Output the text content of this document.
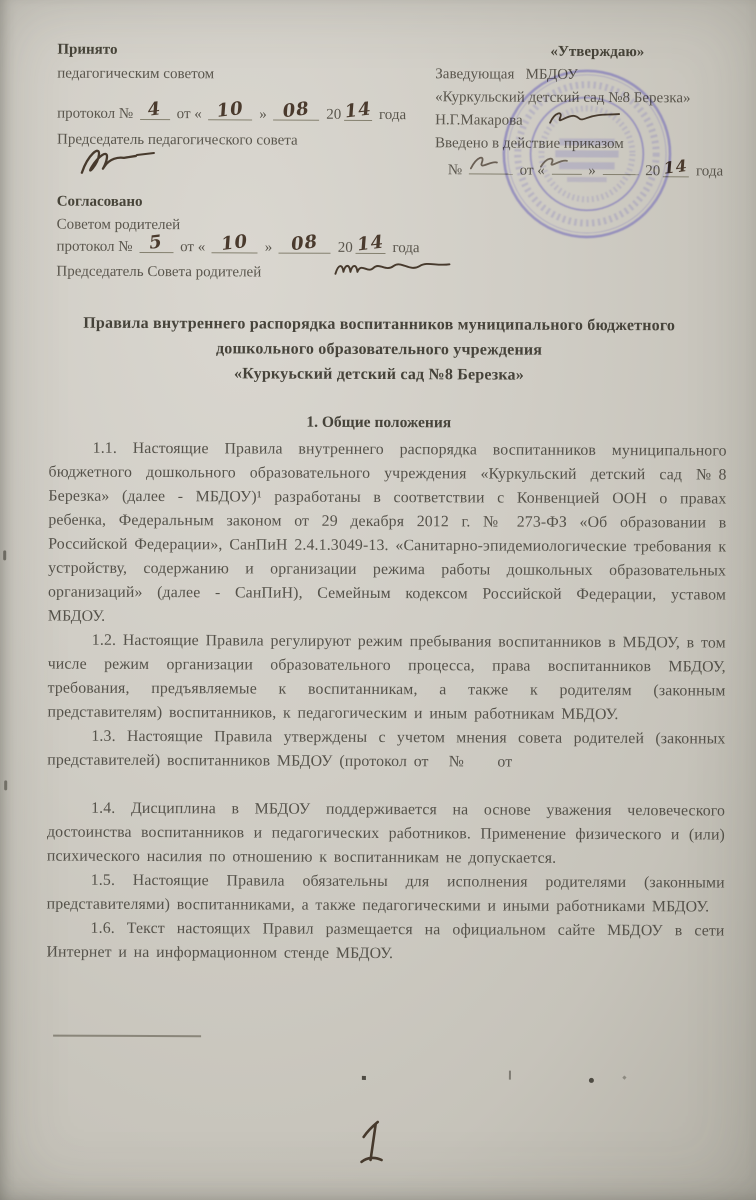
Принято
педагогическим советом
протокол № 4 от « 10 » 08 20 14 года
Председатель педагогического совета
«Утверждаю»
Заведующая   МБДОУ
«Куркульский детский сад №8 Березка»
Н.Г.Макарова
Введено в действие приказом
№	от «	»	20 14 года
Согласовано
Советом родителей
протокол № 5 от « 10 » 08 20 14 года
Председатель Совета родителей
Правила внутреннего распорядка воспитанников муниципального бюджетного
дошкольного образовательного учреждения
«Куркуьский детский сад №8 Березка»
1. Общие положения

1.1. Настоящие Правила внутреннего распорядка воспитанников муниципального бюджетного дошкольного образовательного учреждения «Куркульский детский сад №8 Березка» (далее - МБДОУ)¹ разработаны в соответствии с Конвенцией ООН о правах ребенка, Федеральным законом от 29 декабря 2012 г. № 273-ФЗ «Об образовании в Российской Федерации», СанПиН 2.4.1.3049-13. «Санитарно-эпидемиологические требования к устройству, содержанию и организации режима работы дошкольных образовательных организаций» (далее - СанПиН), Семейным кодексом Российской Федерации, уставом МБДОУ.

1.2. Настоящие Правила регулируют режим пребывания воспитанников в МБДОУ, в том числе режим организации образовательного процесса, права воспитанников МБДОУ, требования, предъявляемые к воспитанникам, а также к родителям (законным представителям) воспитанников, к педагогическим и иным работникам МБДОУ.

1.3. Настоящие Правила утверждены с учетом мнения совета родителей (законных представителей) воспитанников МБДОУ (протокол от   №     от

1.4. Дисциплина в МБДОУ поддерживается на основе уважения человеческого достоинства воспитанников и педагогических работников. Применение физического и (или) психического насилия по отношению к воспитанникам не допускается.

1.5. Настоящие Правила обязательны для исполнения родителями (законными представителями) воспитанниками, а также педагогическими и иными работниками МБДОУ.

1.6. Текст настоящих Правил размещается на официальном сайте МБДОУ в сети Интернет и на информационном стенде МБДОУ.
